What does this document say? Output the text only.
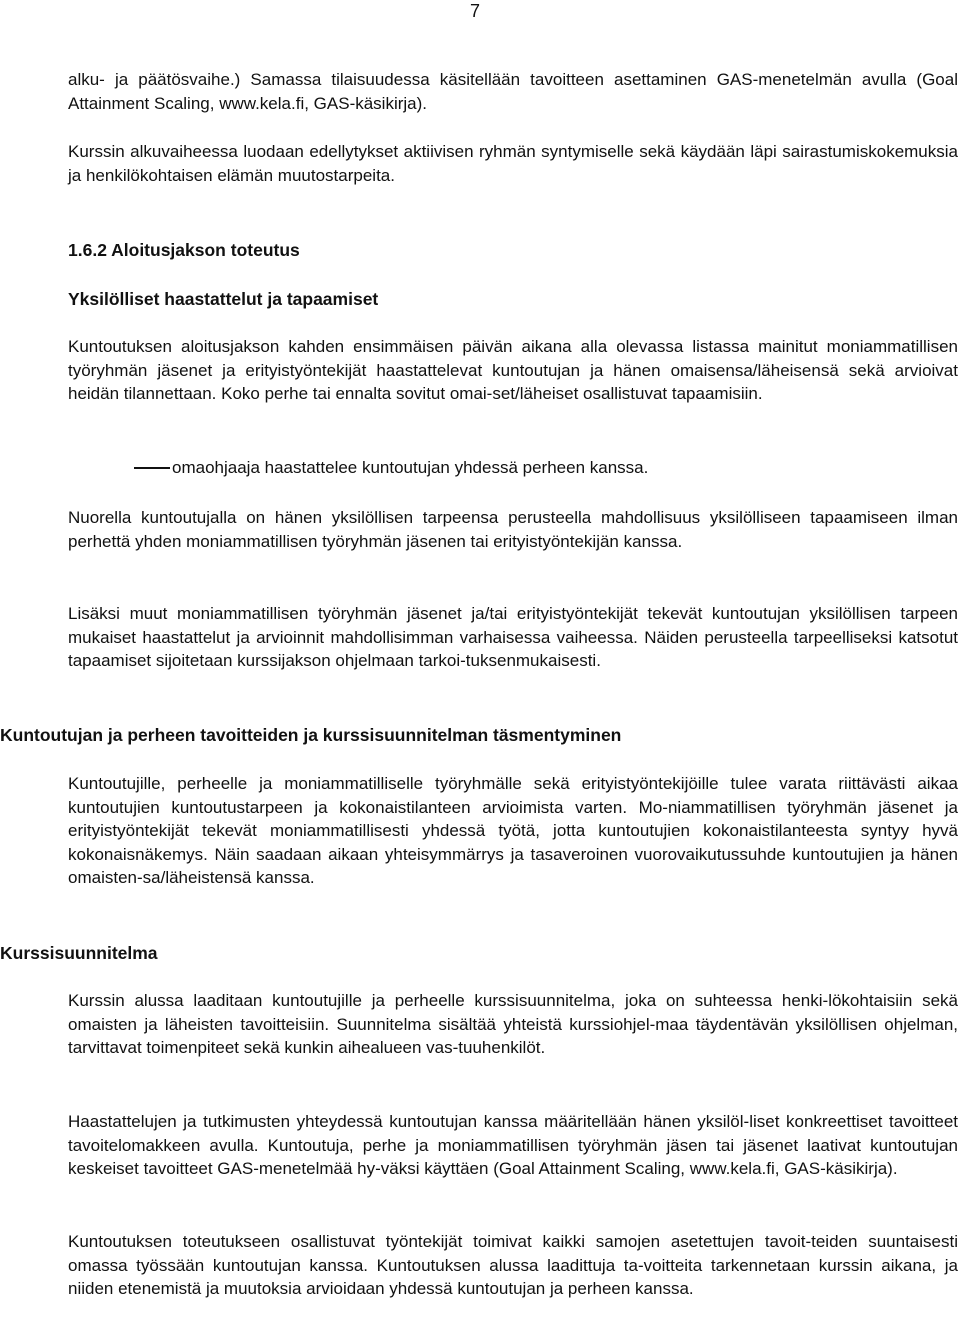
7

alku- ja päätösvaihe.) Samassa tilaisuudessa käsitellään tavoitteen asettaminen GAS-menetelmän avulla (Goal Attainment Scaling, www.kela.fi, GAS-käsikirja).

Kurssin alkuvaiheessa luodaan edellytykset aktiivisen ryhmän syntymiselle sekä käydään läpi sairastumiskokemuksia ja henkilökohtaisen elämän muutostarpeita.

1.6.2 Aloitusjakson toteutus
Yksilölliset haastattelut ja tapaamiset

Kuntoutuksen aloitusjakson kahden ensimmäisen päivän aikana alla olevassa listassa mainitut moniammatillisen työryhmän jäsenet ja erityistyöntekijät haastattelevat kuntoutujan ja hänen omaisensa/läheisensä sekä arvioivat heidän tilannettaan. Koko perhe tai ennalta sovitut omai-set/läheiset osallistuvat tapaamisiin.

omaohjaaja haastattelee kuntoutujan yhdessä perheen kanssa.

Nuorella kuntoutujalla on hänen yksilöllisen tarpeensa perusteella mahdollisuus yksilölliseen tapaamiseen ilman perhettä yhden moniammatillisen työryhmän jäsenen tai erityistyöntekijän kanssa.

Lisäksi muut moniammatillisen työryhmän jäsenet ja/tai erityistyöntekijät tekevät kuntoutujan yksilöllisen tarpeen mukaiset haastattelut ja arvioinnit mahdollisimman varhaisessa vaiheessa. Näiden perusteella tarpeelliseksi katsotut tapaamiset sijoitetaan kurssijakson ohjelmaan tarkoi-tuksenmukaisesti.

Kuntoutujan ja perheen tavoitteiden ja kurssisuunnitelman täsmentyminen

Kuntoutujille, perheelle ja moniammatilliselle työryhmälle sekä erityistyöntekijöille tulee varata riittävästi aikaa kuntoutujien kuntoutustarpeen ja kokonaistilanteen arvioimista varten. Mo-niammatillisen työryhmän jäsenet ja erityistyöntekijät tekevät moniammatillisesti yhdessä työtä, jotta kuntoutujien kokonaistilanteesta syntyy hyvä kokonaisnäkemys. Näin saadaan aikaan yhteisymmärrys ja tasaveroinen vuorovaikutussuhde kuntoutujien ja hänen omaisten-sa/läheistensä kanssa.

Kurssisuunnitelma

Kurssin alussa laaditaan kuntoutujille ja perheelle kurssisuunnitelma, joka on suhteessa henki-lökohtaisiin sekä omaisten ja läheisten tavoitteisiin. Suunnitelma sisältää yhteistä kurssiohjel-maa täydentävän yksilöllisen ohjelman, tarvittavat toimenpiteet sekä kunkin aihealueen vas-tuuhenkilöt.

Haastattelujen ja tutkimusten yhteydessä kuntoutujan kanssa määritellään hänen yksilöl-liset konkreettiset tavoitteet tavoitelomakkeen avulla. Kuntoutuja, perhe ja moniammatillisen työryhmän jäsen tai jäsenet laativat kuntoutujan keskeiset tavoitteet GAS-menetelmää hy-väksi käyttäen (Goal Attainment Scaling, www.kela.fi, GAS-käsikirja).

Kuntoutuksen toteutukseen osallistuvat työntekijät toimivat kaikki samojen asetettujen tavoit-teiden suuntaisesti omassa työssään kuntoutujan kanssa. Kuntoutuksen alussa laadittuja ta-voitteita tarkennetaan kurssin aikana, ja niiden etenemistä ja muutoksia arvioidaan yhdessä kuntoutujan ja perheen kanssa.
